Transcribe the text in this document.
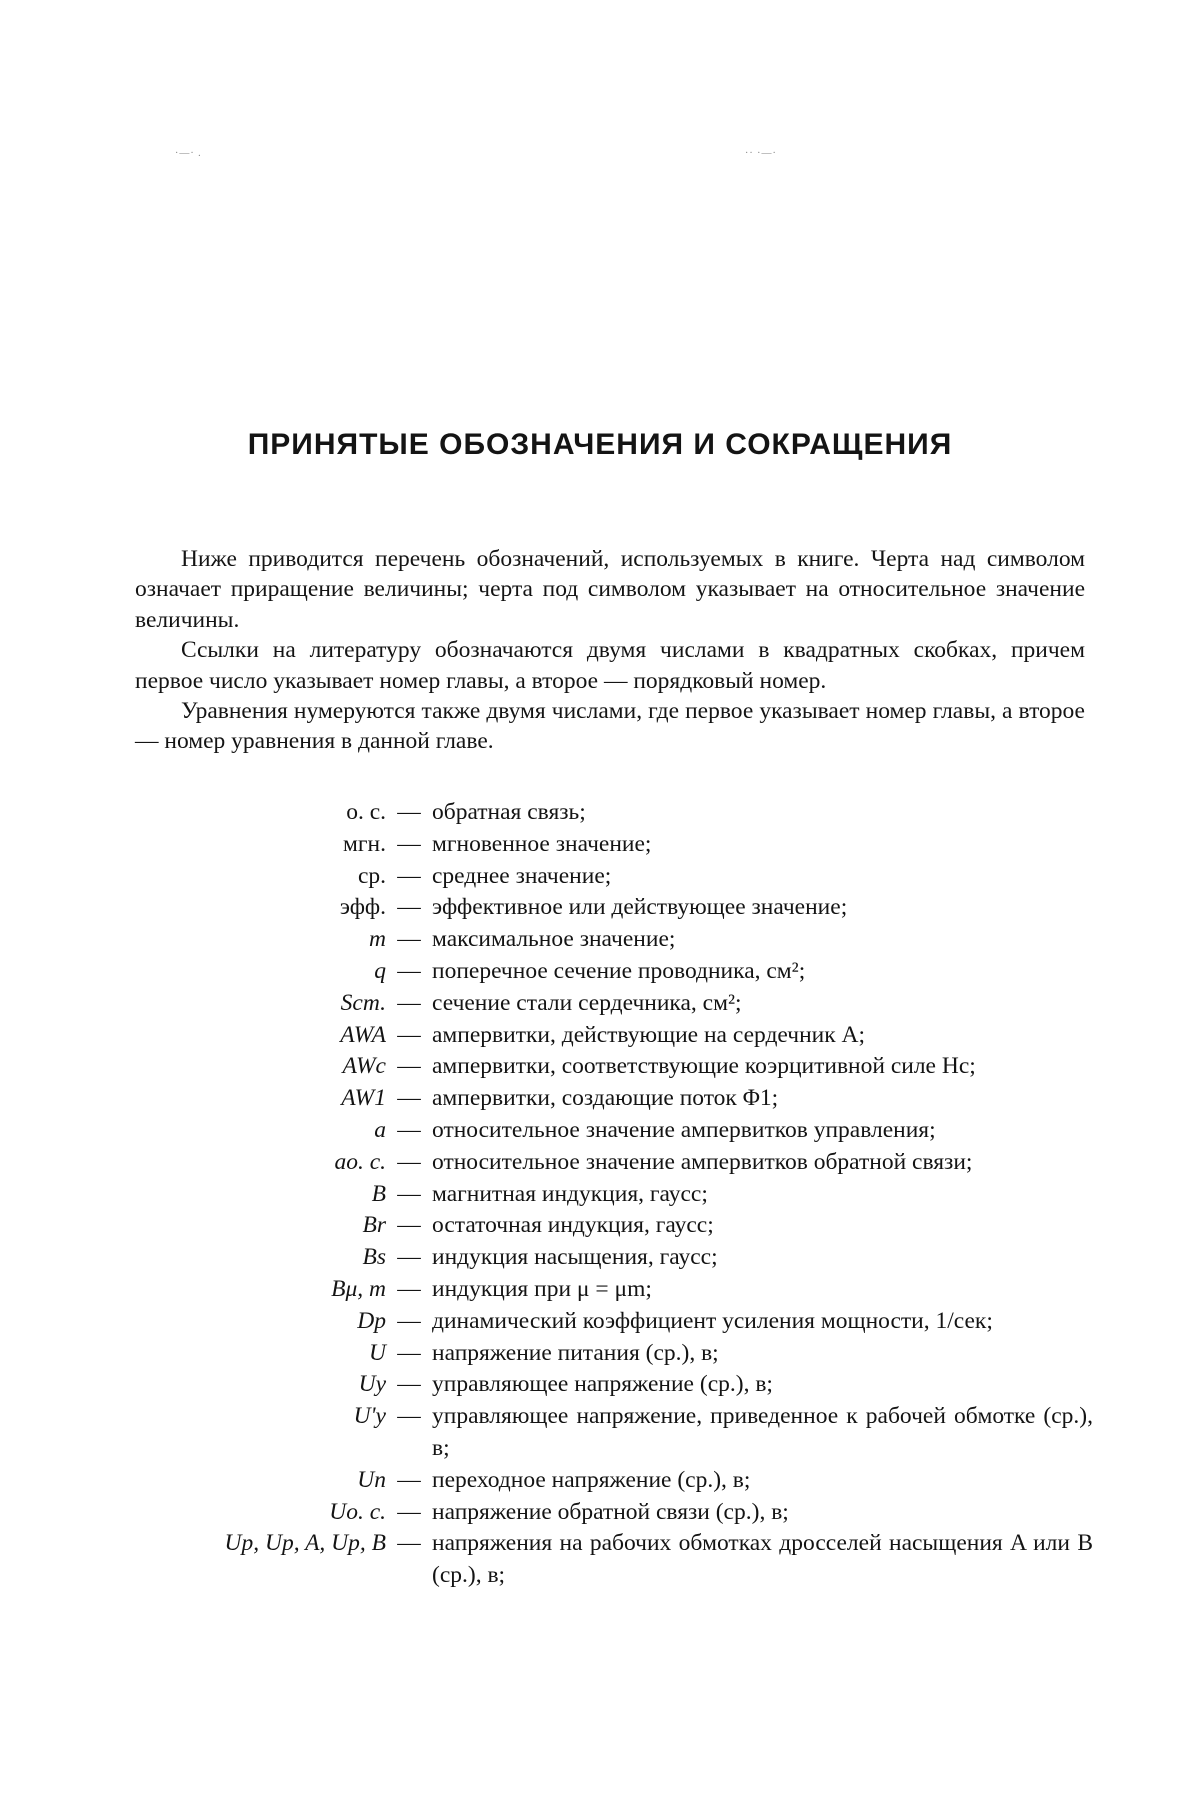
·—· .	·· ·—·
ПРИНЯТЫЕ ОБОЗНАЧЕНИЯ И СОКРАЩЕНИЯ

Ниже приводится перечень обозначений, используемых в книге. Черта над символом означает приращение величины; черта под символом указывает на относительное значение величины.

Ссылки на литературу обозначаются двумя числами в квадратных скобках, причем первое число указывает номер главы, а второе — порядковый номер.

Уравнения нумеруются также двумя числами, где первое указывает номер главы, а второе — номер уравнения в данной главе.

о. с. — обратная связь;
мгн. — мгновенное значение;
ср. — среднее значение;
эфф. — эффективное или действующее значение;
m — максимальное значение;
q — поперечное сечение проводника, см²;
Sст. — сечение стали сердечника, см²;
AWA — ампервитки, действующие на сердечник A;
AWc — ампервитки, соответствующие коэрцитивной силе Hc;
AW1 — ампервитки, создающие поток Φ1;
a — относительное значение ампервитков управления;
aо. с. — относительное значение ампервитков обратной связи;
B — магнитная индукция, гаусс;
Br — остаточная индукция, гаусс;
Bs — индукция насыщения, гаусс;
Bμ, m — индукция при μ = μm;
Dp — динамический коэффициент усиления мощности, 1/сек;
U — напряжение питания (ср.), в;
Uу — управляющее напряжение (ср.), в;
U'у — управляющее напряжение, приведенное к рабочей обмотке (ср.), в;
Uп — переходное напряжение (ср.), в;
Uо. с. — напряжение обратной связи (ср.), в;
Up, Up, A, Up, B — напряжения на рабочих обмотках дросселей насыщения A или B (ср.), в;
